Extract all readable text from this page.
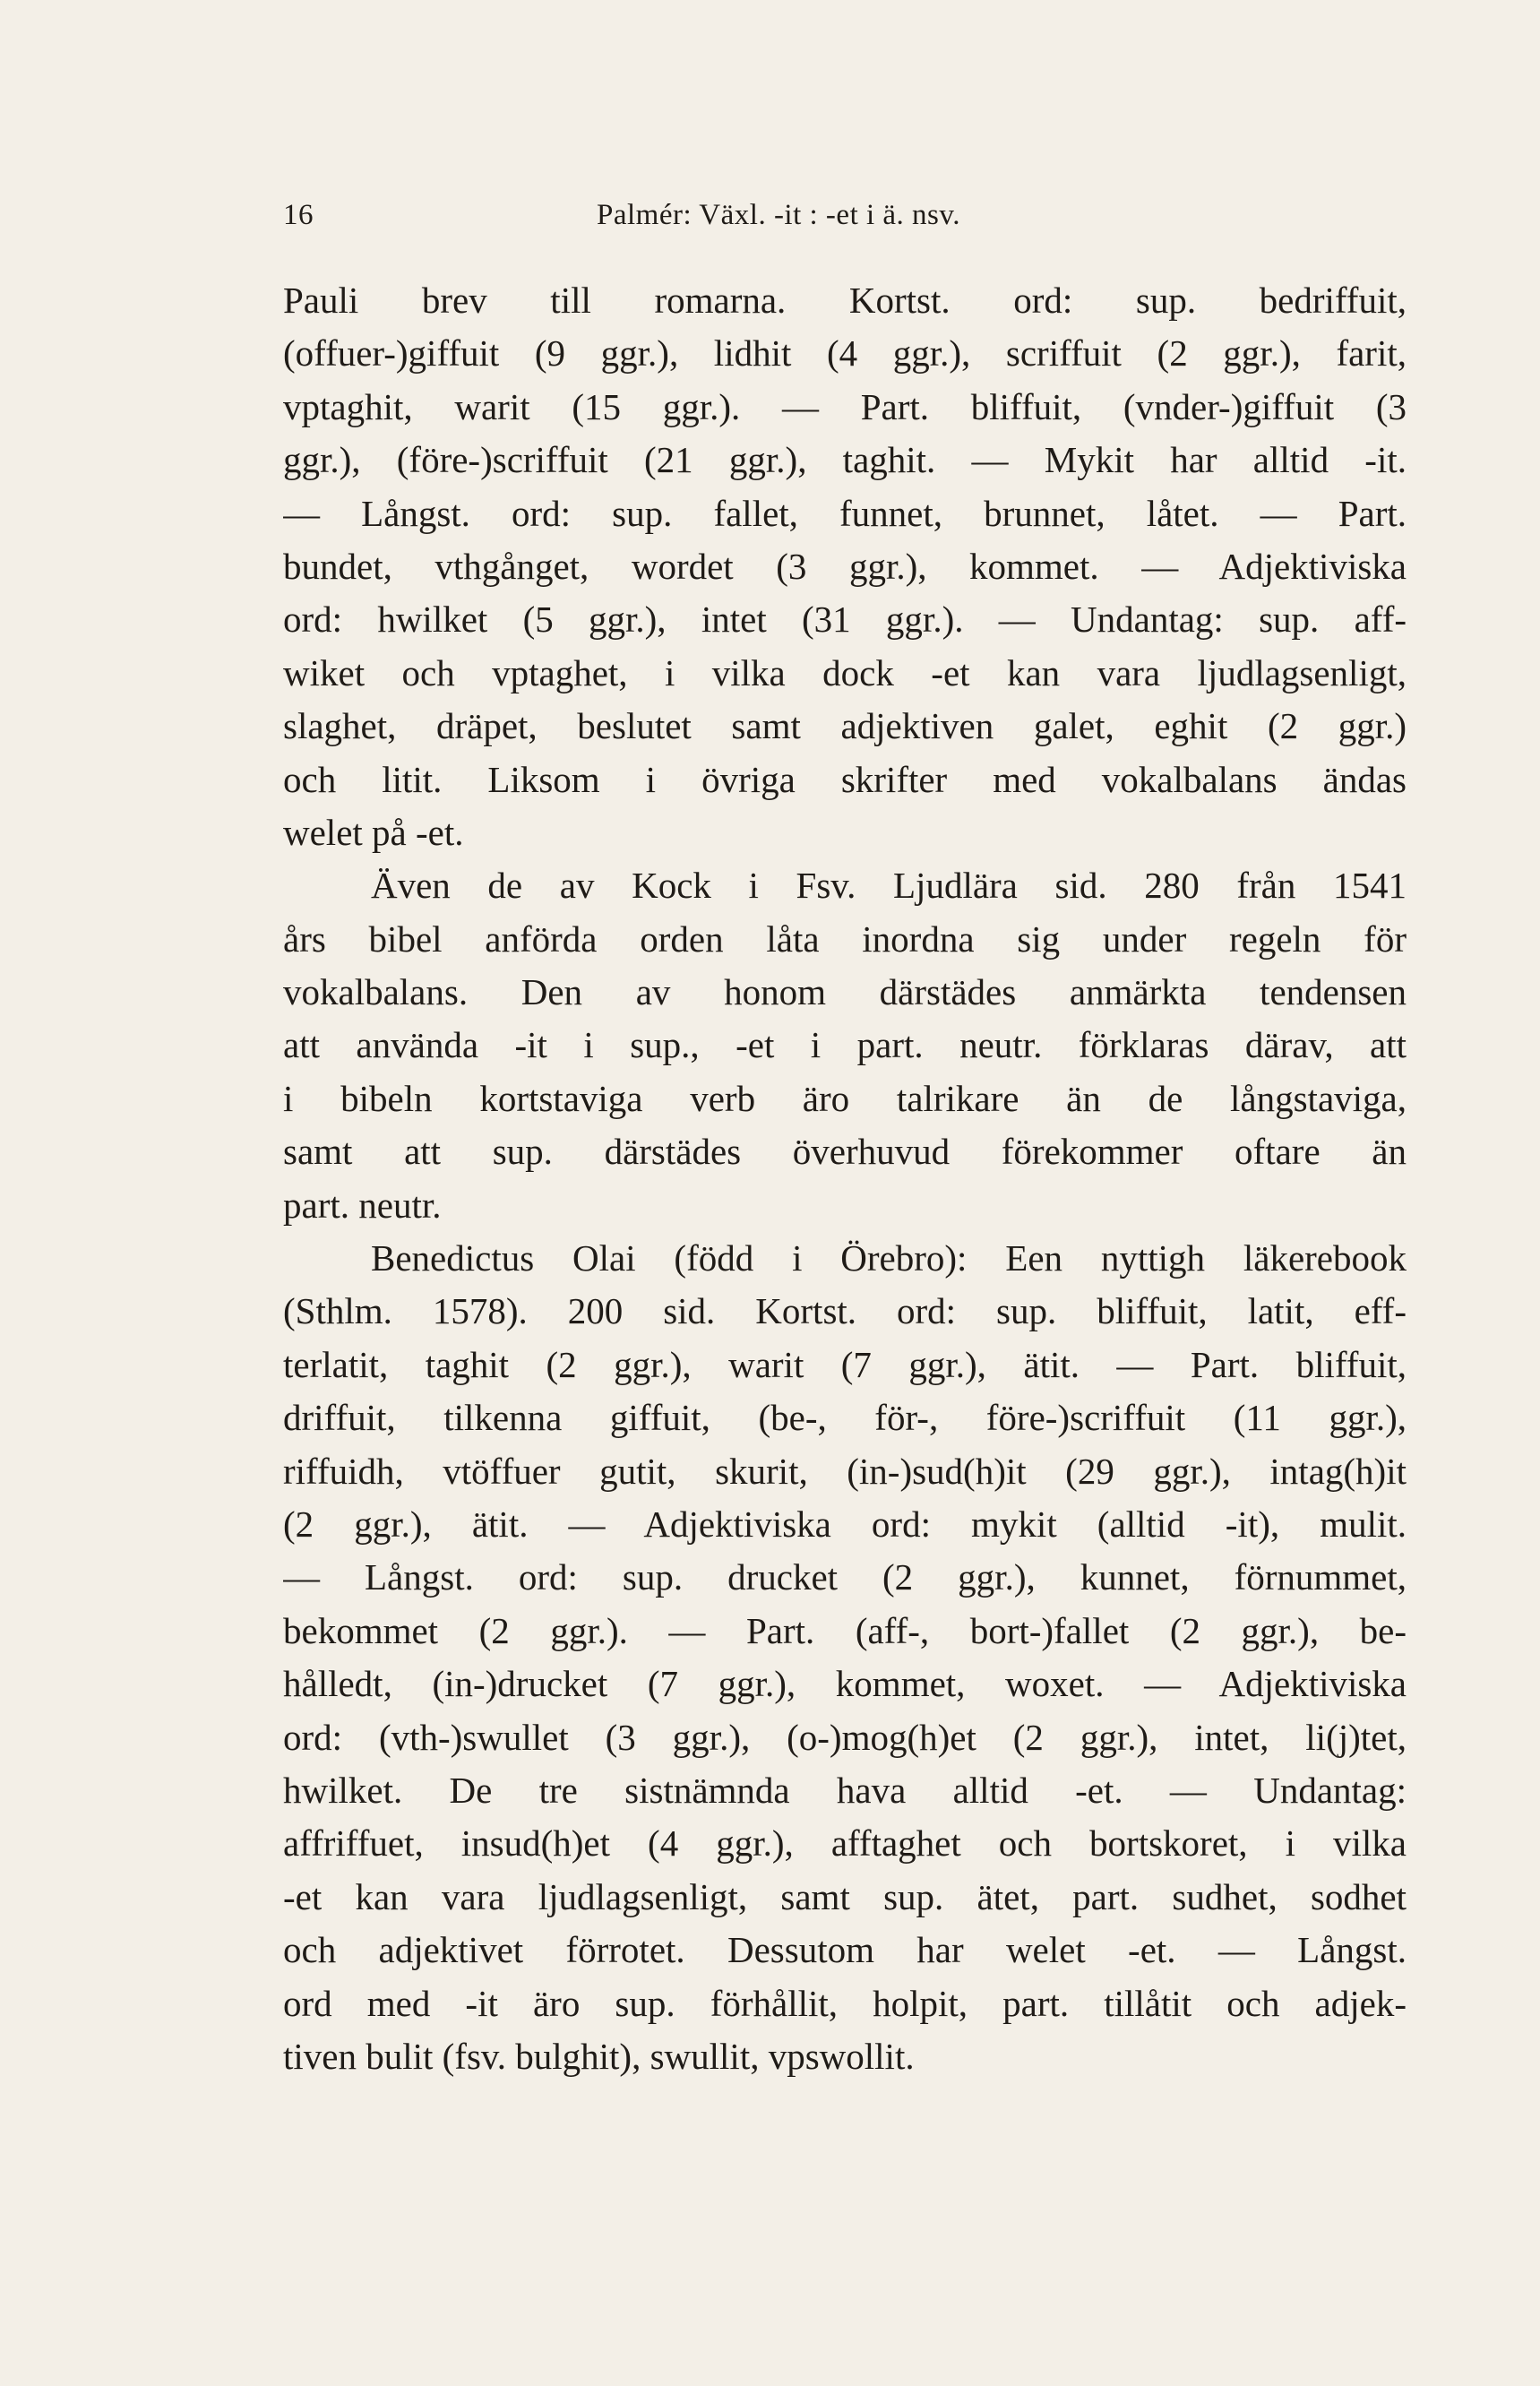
16	Palmér: Växl. -it : -et i ä. nsv.
Pauli brev till romarna. Kortst. ord: sup. bedriffuit,
(offuer-)giffuit (9 ggr.), lidhit (4 ggr.), scriffuit (2 ggr.), farit,
vptaghit, warit (15 ggr.). — Part. bliffuit, (vnder-)giffuit (3
ggr.), (före-)scriffuit (21 ggr.), taghit. — Mykit har alltid -it.
— Långst. ord: sup. fallet, funnet, brunnet, låtet. — Part.
bundet, vthgånget, wordet (3 ggr.), kommet. — Adjektiviska
ord: hwilket (5 ggr.), intet (31 ggr.). — Undantag: sup. aff-
wiket och vptaghet, i vilka dock -et kan vara ljudlagsenligt,
slaghet, dräpet, beslutet samt adjektiven galet, eghit (2 ggr.)
och litit. Liksom i övriga skrifter med vokalbalans ändas
welet på -et.
Även de av Kock i Fsv. Ljudlära sid. 280 från 1541
års bibel anförda orden låta inordna sig under regeln för
vokalbalans. Den av honom därstädes anmärkta tendensen
att använda -it i sup., -et i part. neutr. förklaras därav, att
i bibeln kortstaviga verb äro talrikare än de långstaviga,
samt att sup. därstädes överhuvud förekommer oftare än
part. neutr.
Benedictus Olai (född i Örebro): Een nyttigh läkerebook
(Sthlm. 1578). 200 sid. Kortst. ord: sup. bliffuit, latit, eff-
terlatit, taghit (2 ggr.), warit (7 ggr.), ätit. — Part. bliffuit,
driffuit, tilkenna giffuit, (be-, för-, före-)scriffuit (11 ggr.),
riffuidh, vtöffuer gutit, skurit, (in-)sud(h)it (29 ggr.), intag(h)it
(2 ggr.), ätit. — Adjektiviska ord: mykit (alltid -it), mulit.
— Långst. ord: sup. drucket (2 ggr.), kunnet, förnummet,
bekommet (2 ggr.). — Part. (aff-, bort-)fallet (2 ggr.), be-
hålledt, (in-)drucket (7 ggr.), kommet, woxet. — Adjektiviska
ord: (vth-)swullet (3 ggr.), (o-)mog(h)et (2 ggr.), intet, li(j)tet,
hwilket. De tre sistnämnda hava alltid -et. — Undantag:
affriffuet, insud(h)et (4 ggr.), afftaghet och bortskoret, i vilka
-et kan vara ljudlagsenligt, samt sup. ätet, part. sudhet, sodhet
och adjektivet förrotet. Dessutom har welet -et. — Långst.
ord med -it äro sup. förhållit, holpit, part. tillåtit och adjek-
tiven bulit (fsv. bulghit), swullit, vpswollit.
